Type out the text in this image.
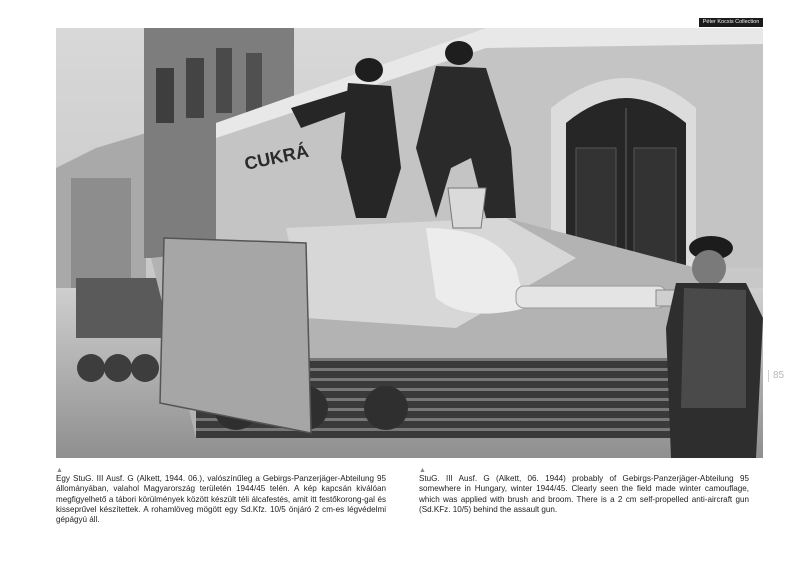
Péter Kocsis Collection
CUKRÁ
85
▲
Egy StuG. III Ausf. G (Alkett, 1944. 06.), valószínűleg a Gebirgs-Panzerjäger-Abteilung 95 állományában, valahol Magyarország területén 1944/45 telén. A kép kapcsán kiválóan megfigyelhető a tábori körülmények között készült téli álcafestés, amit itt festőkorong-gal és kisseprűvel készítettek. A rohamlöveg mögött egy Sd.Kfz. 10/5 önjáró 2 cm-es légvédelmi gépágyú áll.
▲
StuG. III Ausf. G (Alkett, 06. 1944) probably of Gebirgs-Panzerjäger-Abteilung 95 somewhere in Hungary, winter 1944/45. Clearly seen the field made winter camouflage, which was applied with brush and broom. There is a 2 cm self-propelled anti-aircraft gun (Sd.KFz. 10/5) behind the assault gun.
